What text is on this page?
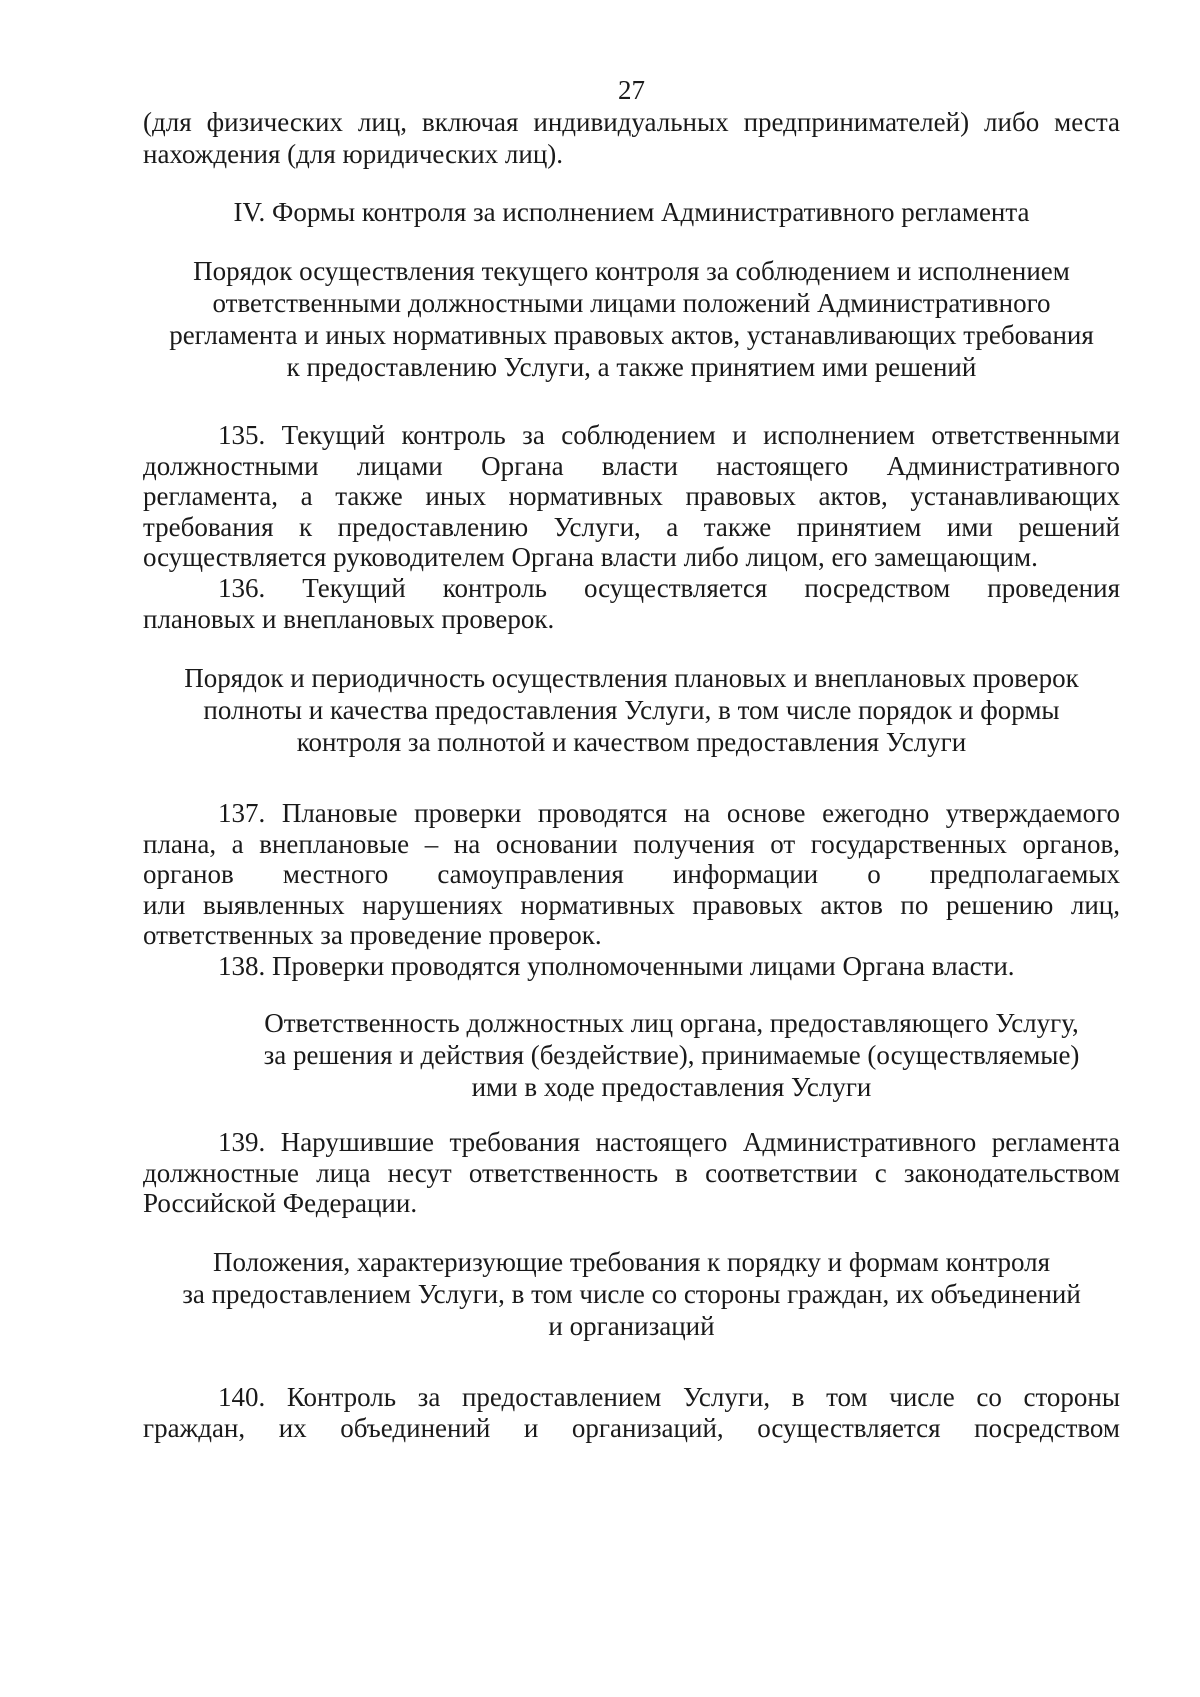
27
(для физических лиц, включая индивидуальных предпринимателей) либо места
нахождения (для юридических лиц).
IV. Формы контроля за исполнением Административного регламента
Порядок осуществления текущего контроля за соблюдением и исполнением
ответственными должностными лицами положений Административного
регламента и иных нормативных правовых актов, устанавливающих требования
к предоставлению Услуги, а также принятием ими решений
135. Текущий контроль за соблюдением и исполнением ответственными
должностными лицами Органа власти настоящего Административного
регламента, а также иных нормативных правовых актов, устанавливающих
требования к предоставлению Услуги, а также принятием ими решений
осуществляется руководителем Органа власти либо лицом, его замещающим.
136. Текущий контроль осуществляется посредством проведения
плановых и внеплановых проверок.
Порядок и периодичность осуществления плановых и внеплановых проверок
полноты и качества предоставления Услуги, в том числе порядок и формы
контроля за полнотой и качеством предоставления Услуги
137. Плановые проверки проводятся на основе ежегодно утверждаемого
плана, а внеплановые – на основании получения от государственных органов,
органов местного самоуправления информации о предполагаемых
или выявленных нарушениях нормативных правовых актов по решению лиц,
ответственных за проведение проверок.
138. Проверки проводятся уполномоченными лицами Органа власти.
Ответственность должностных лиц органа, предоставляющего Услугу,
за решения и действия (бездействие), принимаемые (осуществляемые)
ими в ходе предоставления Услуги
139. Нарушившие требования настоящего Административного регламента
должностные лица несут ответственность в соответствии с законодательством
Российской Федерации.
Положения, характеризующие требования к порядку и формам контроля
за предоставлением Услуги, в том числе со стороны граждан, их объединений
и организаций
140. Контроль за предоставлением Услуги, в том числе со стороны
граждан, их объединений и организаций, осуществляется посредством
